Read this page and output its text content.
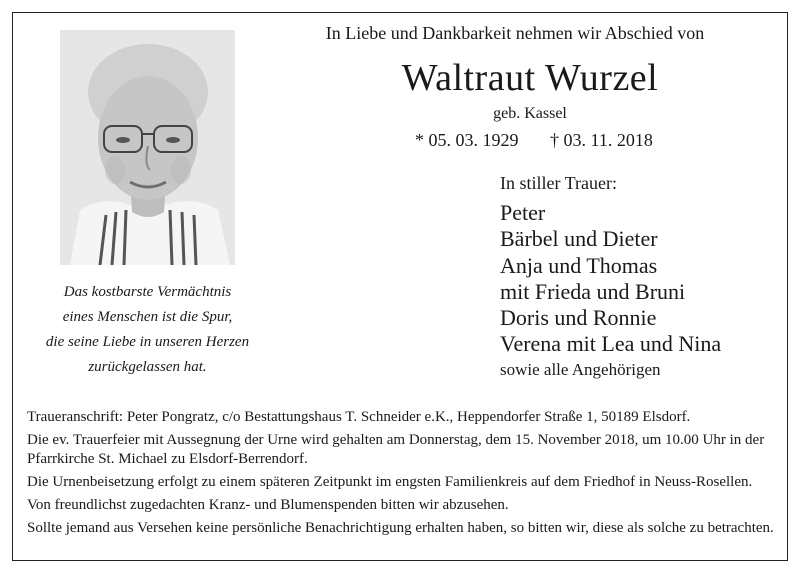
Das kostbarste Vermächtnis
eines Menschen ist die Spur,
die seine Liebe in unseren Herzen
zurückgelassen hat.
In Liebe und Dankbarkeit nehmen wir Abschied von
Waltraut Wurzel
geb. Kassel
* 05. 03. 1929 † 03. 11. 2018
In stiller Trauer:
Peter
Bärbel und Dieter
Anja und Thomas
mit Frieda und Bruni
Doris und Ronnie
Verena mit Lea und Nina
sowie alle Angehörigen

Traueranschrift: Peter Pongratz, c/o Bestattungshaus T. Schneider e.K., Heppendorfer Straße 1, 50189 Elsdorf.

Die ev. Trauerfeier mit Aussegnung der Urne wird gehalten am Donnerstag, dem 15. November 2018, um 10.00 Uhr in der Pfarrkirche St. Michael zu Elsdorf-Berrendorf.

Die Urnenbeisetzung erfolgt zu einem späteren Zeitpunkt im engsten Familienkreis auf dem Friedhof in Neuss-Rosellen.

Von freundlichst zugedachten Kranz- und Blumenspenden bitten wir abzusehen.

Sollte jemand aus Versehen keine persönliche Benachrichtigung erhalten haben, so bitten wir, diese als solche zu betrachten.
